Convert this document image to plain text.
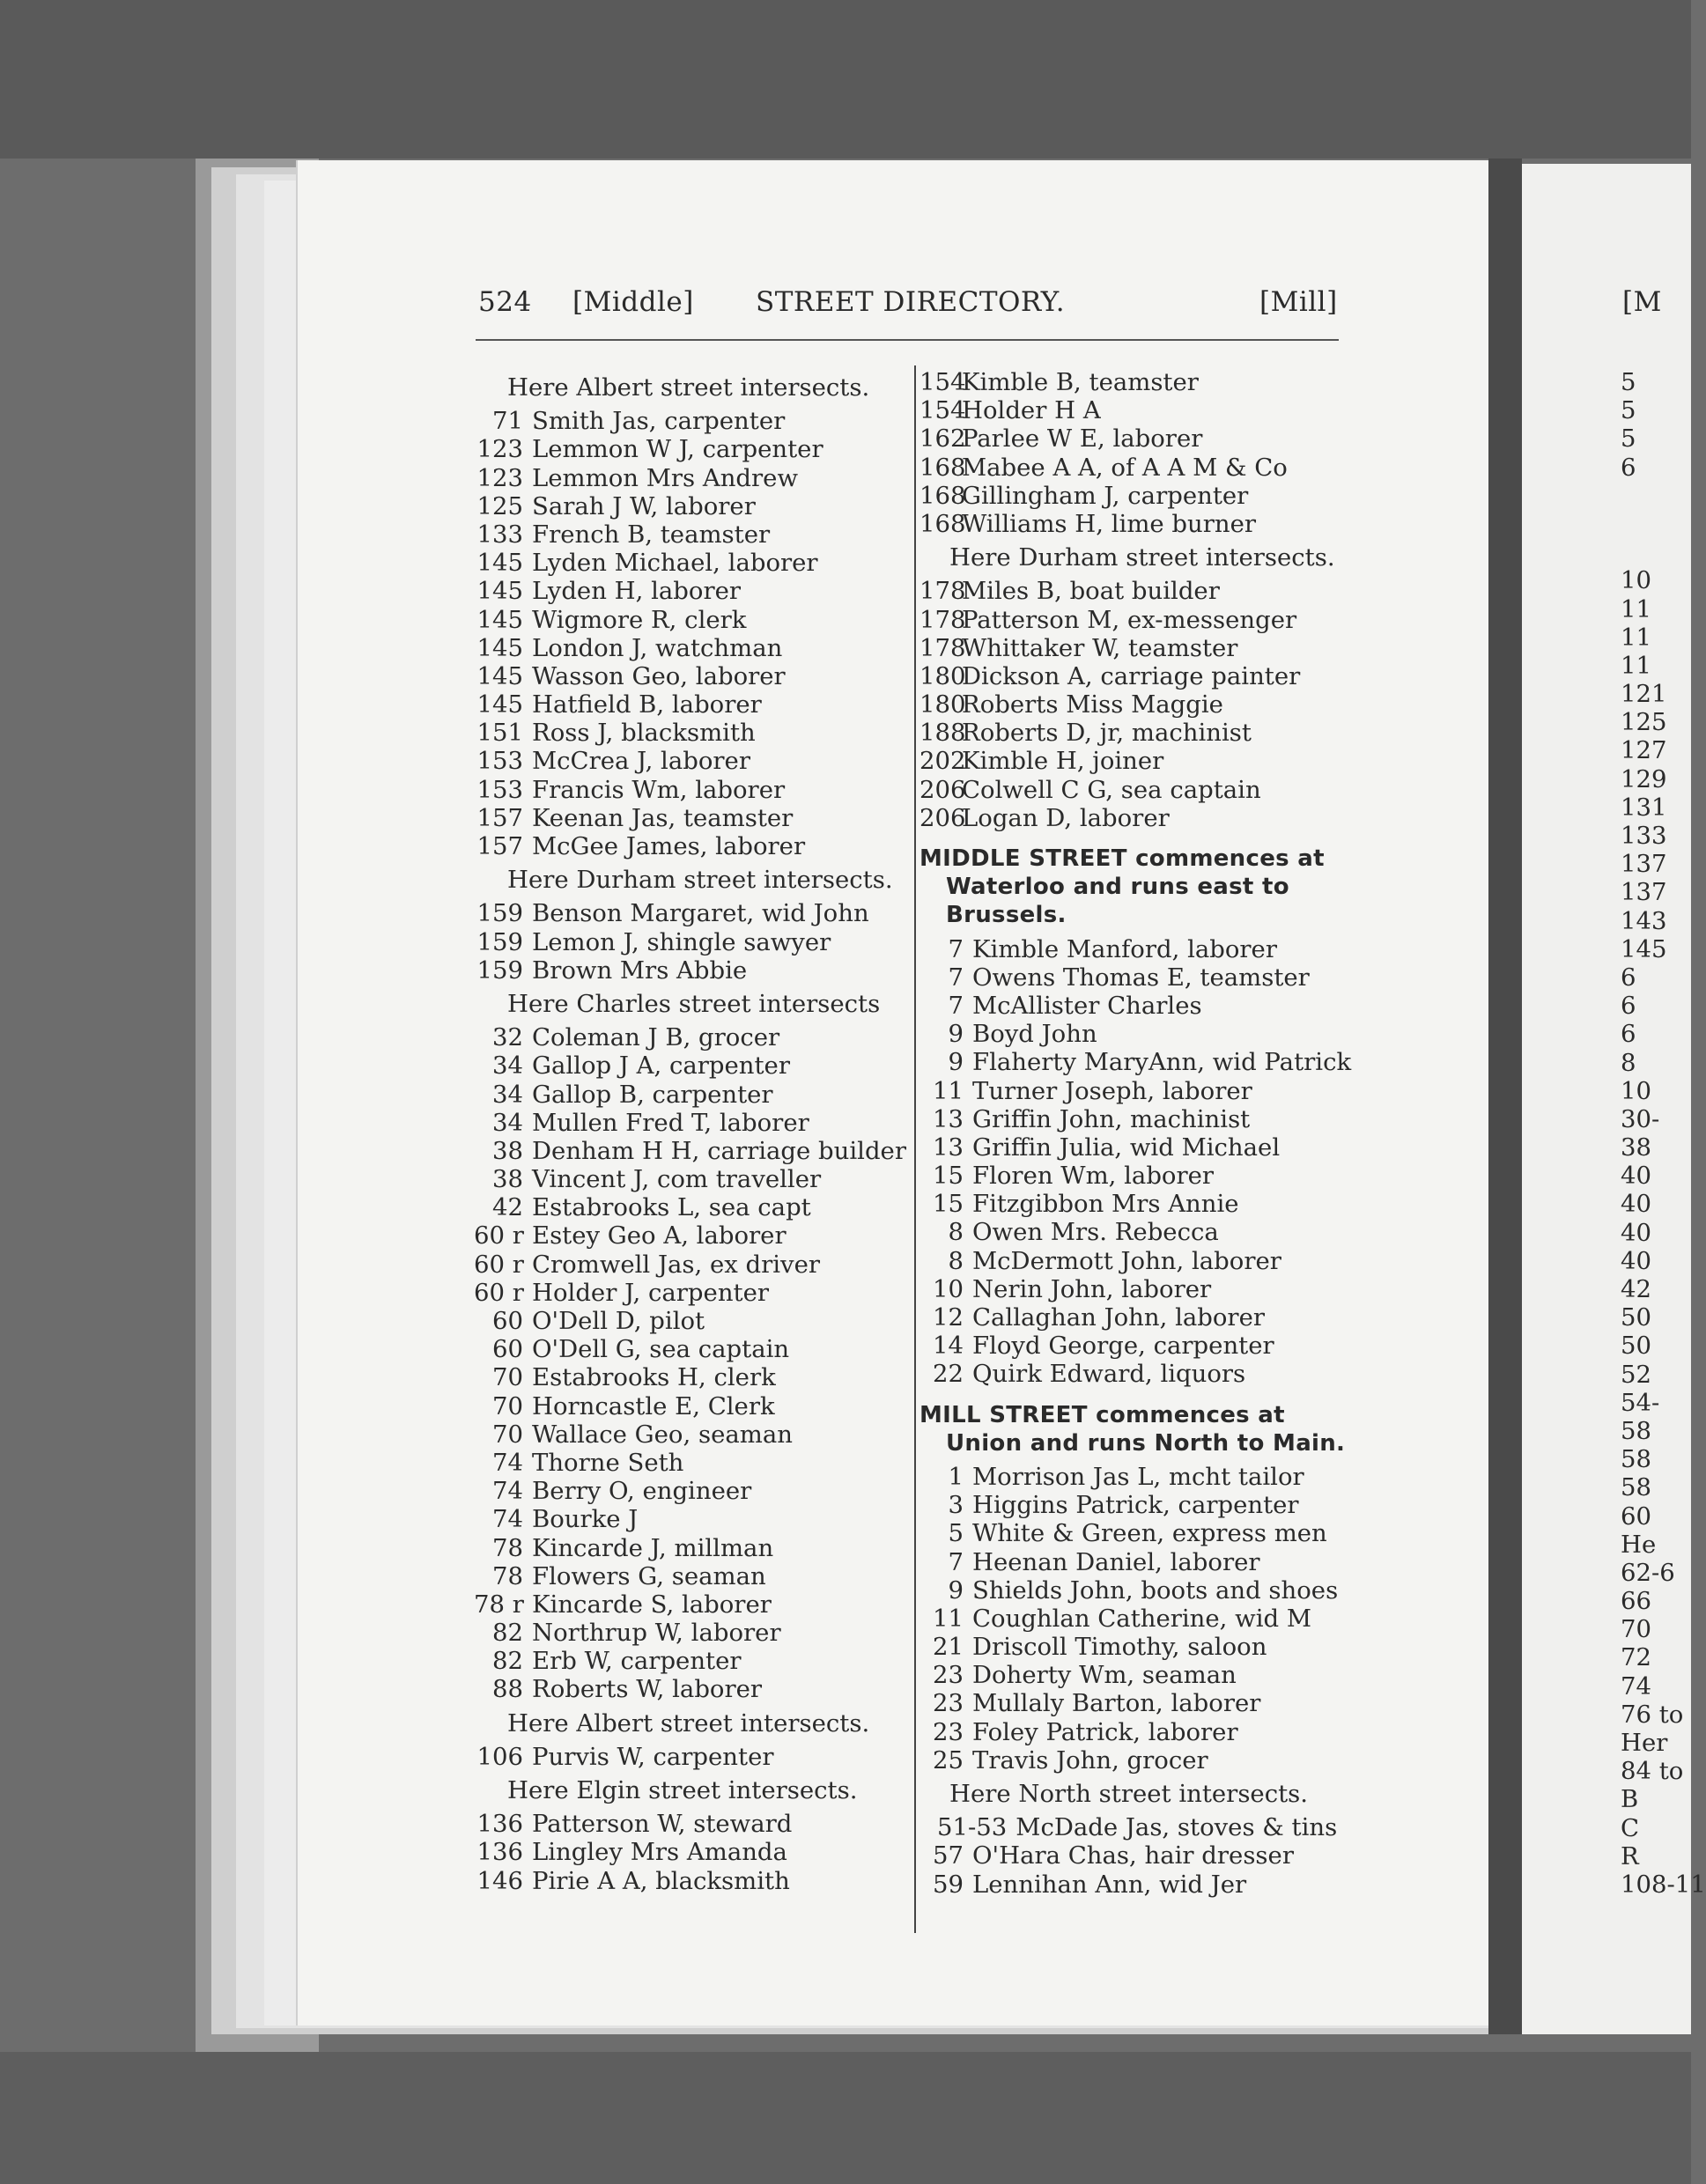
524 [Middle] STREET DIRECTORY.	[Mill]	[M
Here Albert street intersects.
71 Smith Jas, carpenter
123 Lemmon W J, carpenter
123 Lemmon Mrs Andrew
125 Sarah J W, laborer
133 French B, teamster
145 Lyden Michael, laborer
145 Lyden H, laborer
145 Wigmore R, clerk
145 London J, watchman
145 Wasson Geo, laborer
145 Hatfield B, laborer
151 Ross J, blacksmith
153 McCrea J, laborer
153 Francis Wm, laborer
157 Keenan Jas, teamster
157 McGee James, laborer
Here Durham street intersects.
159 Benson Margaret, wid John
159 Lemon J, shingle sawyer
159 Brown Mrs Abbie
Here Charles street intersects
32 Coleman J B, grocer
34 Gallop J A, carpenter
34 Gallop B, carpenter
34 Mullen Fred T, laborer
38 Denham H H, carriage builder
38 Vincent J, com traveller
42 Estabrooks L, sea capt
60 r Estey Geo A, laborer
60 r Cromwell Jas, ex driver
60 r Holder J, carpenter
60 O'Dell D, pilot
60 O'Dell G, sea captain
70 Estabrooks H, clerk
70 Horncastle E, Clerk
70 Wallace Geo, seaman
74 Thorne Seth
74 Berry O, engineer
74 Bourke J
78 Kincarde J, millman
78 Flowers G, seaman
78 r Kincarde S, laborer
82 Northrup W, laborer
82 Erb W, carpenter
88 Roberts W, laborer
Here Albert street intersects.
106 Purvis W, carpenter
Here Elgin street intersects.
136 Patterson W, steward
136 Lingley Mrs Amanda
146 Pirie A A, blacksmith
154Kimble B, teamster
154Holder H A
162Parlee W E, laborer
168Mabee A A, of A A M & Co
168Gillingham J, carpenter
168Williams H, lime burner
Here Durham street intersects.
178Miles B, boat builder
178Patterson M, ex-messenger
178Whittaker W, teamster
180Dickson A, carriage painter
180Roberts Miss Maggie
188Roberts D, jr, machinist
202Kimble H, joiner
206Colwell C G, sea captain
206Logan D, laborer
MIDDLE STREET commences at
Waterloo and runs east to
Brussels.
7 Kimble Manford, laborer
7 Owens Thomas E, teamster
7 McAllister Charles
9 Boyd John
9 Flaherty MaryAnn, wid Patrick
11 Turner Joseph, laborer
13 Griffin John, machinist
13 Griffin Julia, wid Michael
15 Floren Wm, laborer
15 Fitzgibbon Mrs Annie
8 Owen Mrs. Rebecca
8 McDermott John, laborer
10 Nerin John, laborer
12 Callaghan John, laborer
14 Floyd George, carpenter
22 Quirk Edward, liquors
MILL STREET commences at
Union and runs North to Main.
1 Morrison Jas L, mcht tailor
3 Higgins Patrick, carpenter
5 White & Green, express men
7 Heenan Daniel, laborer
9 Shields John, boots and shoes
11 Coughlan Catherine, wid M
21 Driscoll Timothy, saloon
23 Doherty Wm, seaman
23 Mullaly Barton, laborer
23 Foley Patrick, laborer
25 Travis John, grocer
Here North street intersects.
51-53 McDade Jas, stoves & tins
57 O'Hara Chas, hair dresser
59 Lennihan Ann, wid Jer
5
5
5
6
10
11
11
11
121
125
127
129
131
133
137
137
143
145
6
6
6
8
10
30-
38
40
40
40
40
42
50
50
52
54-
58
58
58
60
He
62-6
66
70
72
74
76 to
Her
84 to
B
C
R
108-11
